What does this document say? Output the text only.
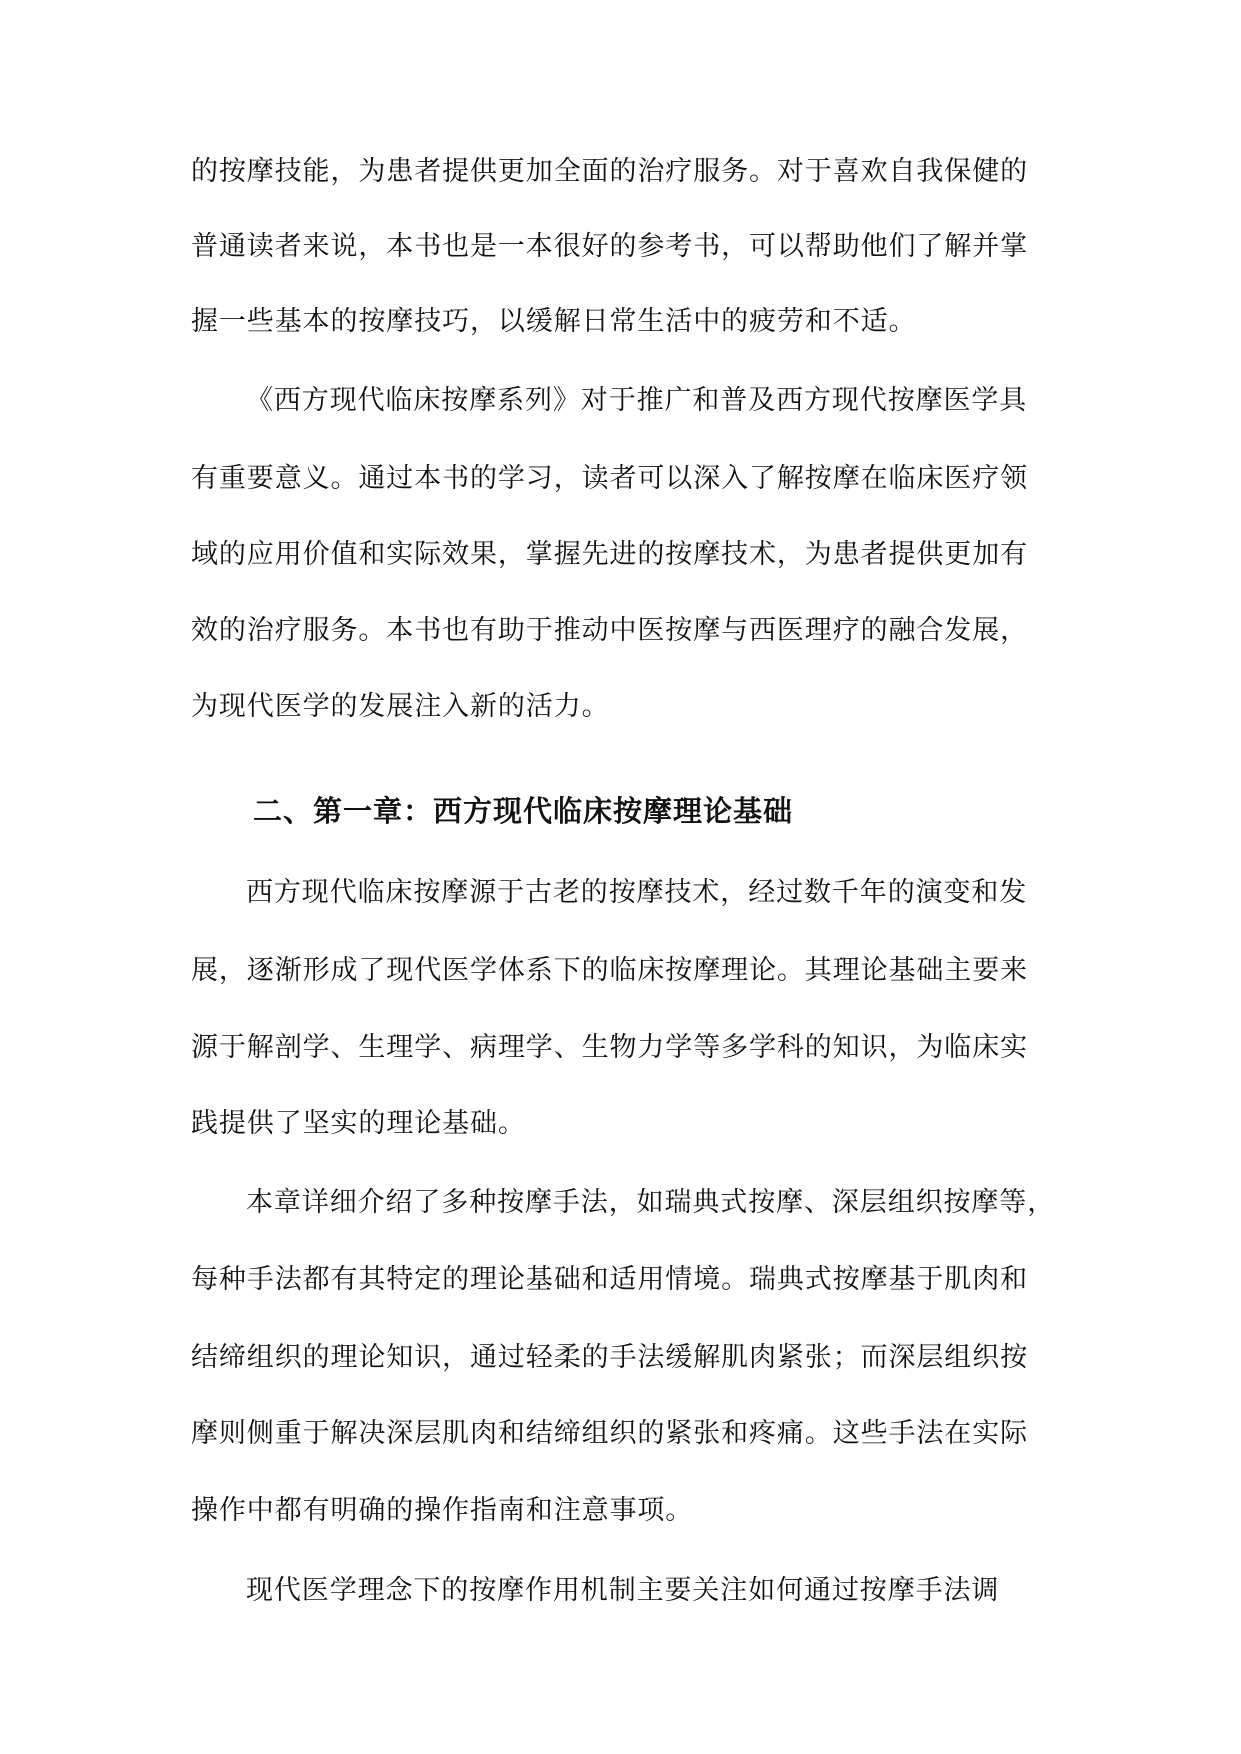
的按摩技能，为患者提供更加全面的治疗服务。对于喜欢自我保健的

普通读者来说，本书也是一本很好的参考书，可以帮助他们了解并掌

握一些基本的按摩技巧，以缓解日常生活中的疲劳和不适。

《西方现代临床按摩系列》对于推广和普及西方现代按摩医学具

有重要意义。通过本书的学习，读者可以深入了解按摩在临床医疗领

域的应用价值和实际效果，掌握先进的按摩技术，为患者提供更加有

效的治疗服务。本书也有助于推动中医按摩与西医理疗的融合发展，

为现代医学的发展注入新的活力。

二、第一章：西方现代临床按摩理论基础

西方现代临床按摩源于古老的按摩技术，经过数千年的演变和发

展，逐渐形成了现代医学体系下的临床按摩理论。其理论基础主要来

源于解剖学、生理学、病理学、生物力学等多学科的知识，为临床实

践提供了坚实的理论基础。

本章详细介绍了多种按摩手法，如瑞典式按摩、深层组织按摩等，

每种手法都有其特定的理论基础和适用情境。瑞典式按摩基于肌肉和

结缔组织的理论知识，通过轻柔的手法缓解肌肉紧张；而深层组织按

摩则侧重于解决深层肌肉和结缔组织的紧张和疼痛。这些手法在实际

操作中都有明确的操作指南和注意事项。

现代医学理念下的按摩作用机制主要关注如何通过按摩手法调
